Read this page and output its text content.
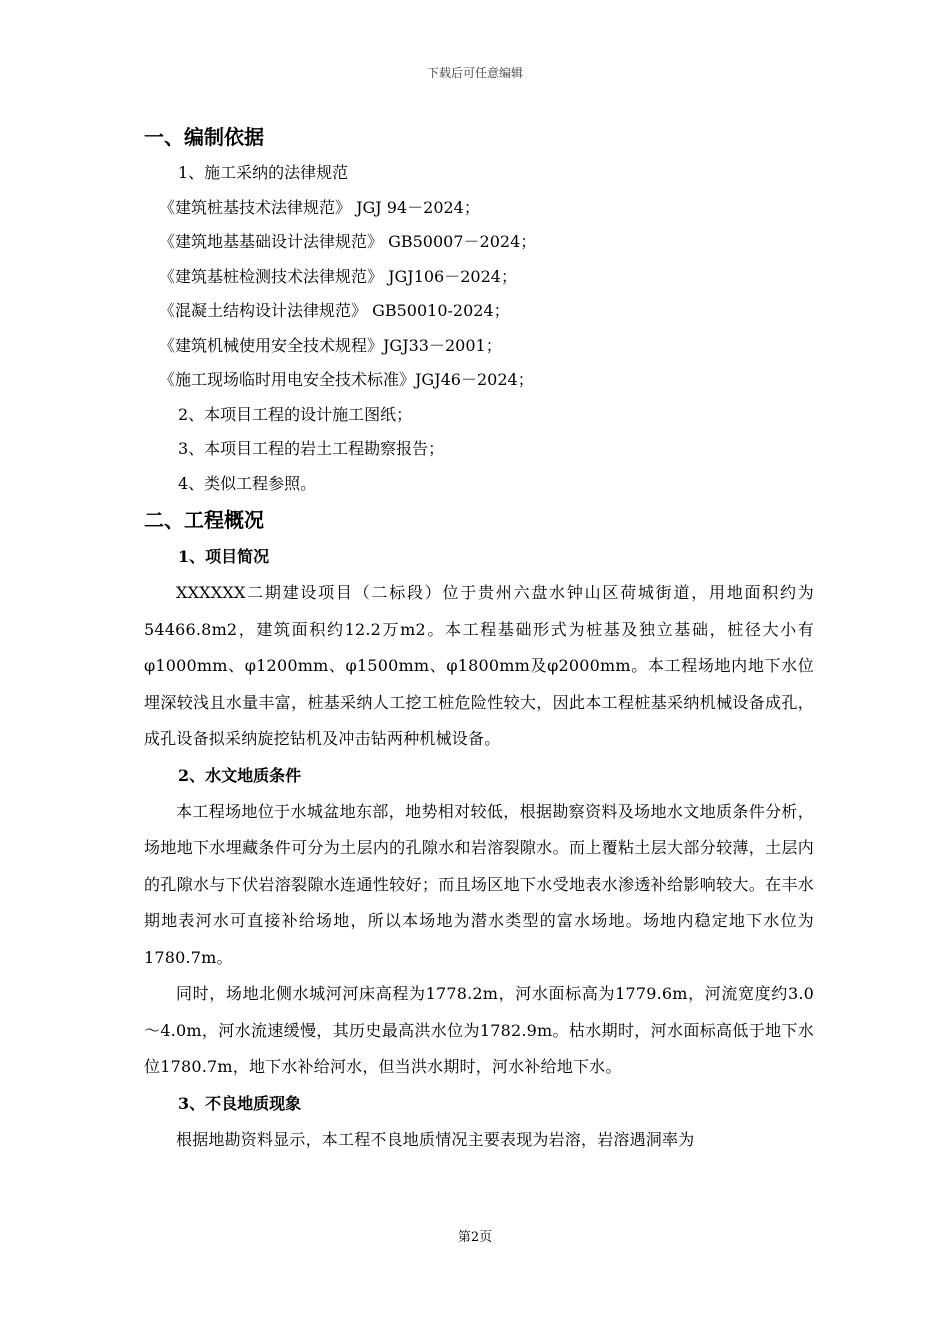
下载后可任意编辑
一、编制依据
1、施工采纳的法律规范
《建筑桩基技术法律规范》 JGJ 94－2024；
《建筑地基基础设计法律规范》 GB50007－2024；
《建筑基桩检测技术法律规范》 JGJ106－2024；
《混凝土结构设计法律规范》 GB50010-2024；
《建筑机械使用安全技术规程》JGJ33－2001；
《施工现场临时用电安全技术标准》JGJ46－2024；
2、本项目工程的设计施工图纸；
3、本项目工程的岩土工程勘察报告；
4、类似工程参照。
二、工程概况
1、项目简况

XXXXXX二期建设项目（二标段）位于贵州六盘水钟山区荷城街道，用地面积约为54466.8m2，建筑面积约12.2万m2。本工程基础形式为桩基及独立基础，桩径大小有φ1000mm、φ1200mm、φ1500mm、φ1800mm及φ2000mm。本工程场地内地下水位埋深较浅且水量丰富，桩基采纳人工挖工桩危险性较大，因此本工程桩基采纳机械设备成孔，成孔设备拟采纳旋挖钻机及冲击钻两种机械设备。

2、水文地质条件

本工程场地位于水城盆地东部，地势相对较低，根据勘察资料及场地水文地质条件分析，场地地下水埋藏条件可分为土层内的孔隙水和岩溶裂隙水。而上覆粘土层大部分较薄，土层内的孔隙水与下伏岩溶裂隙水连通性较好；而且场区地下水受地表水渗透补给影响较大。在丰水期地表河水可直接补给场地，所以本场地为潜水类型的富水场地。场地内稳定地下水位为1780.7m。

同时，场地北侧水城河河床高程为1778.2m，河水面标高为1779.6m，河流宽度约3.0～4.0m，河水流速缓慢，其历史最高洪水位为1782.9m。枯水期时，河水面标高低于地下水位1780.7m，地下水补给河水，但当洪水期时，河水补给地下水。

3、不良地质现象

根据地勘资料显示，本工程不良地质情况主要表现为岩溶，岩溶遇洞率为

第2页
